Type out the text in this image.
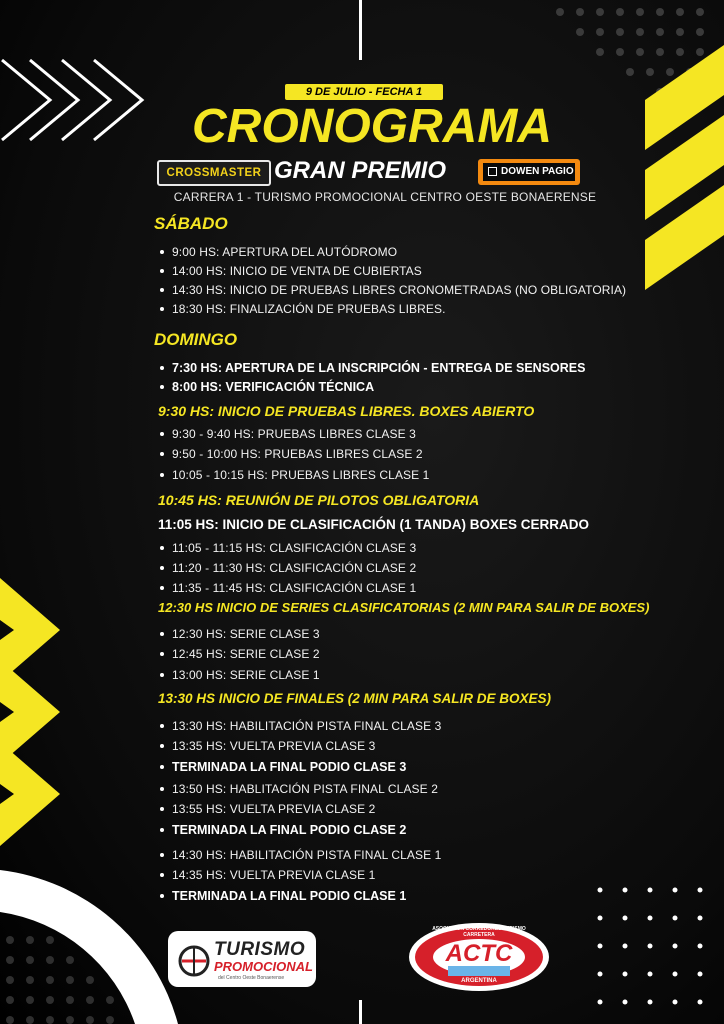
9 DE JULIO - FECHA 1
CRONOGRAMA
CROSSMASTER GRAN PREMIO	DOWEN PAGIO
CARRERA 1 - TURISMO PROMOCIONAL CENTRO OESTE BONAERENSE
SÁBADO
9:00 HS: APERTURA DEL AUTÓDROMO
14:00 HS: INICIO DE VENTA DE CUBIERTAS
14:30 HS: INICIO DE PRUEBAS LIBRES CRONOMETRADAS (NO OBLIGATORIA)
18:30 HS: FINALIZACIÓN DE PRUEBAS LIBRES.
DOMINGO
7:30 HS: APERTURA DE LA INSCRIPCIÓN - ENTREGA DE SENSORES
8:00 HS: VERIFICACIÓN TÉCNICA
9:30 HS: INICIO DE PRUEBAS LIBRES. BOXES ABIERTO
9:30 - 9:40 HS: PRUEBAS LIBRES CLASE 3
9:50 - 10:00 HS: PRUEBAS LIBRES CLASE 2
10:05 - 10:15 HS: PRUEBAS LIBRES CLASE 1
10:45 HS: REUNIÓN DE PILOTOS OBLIGATORIA
11:05 HS: INICIO DE CLASIFICACIÓN (1 TANDA) BOXES CERRADO
11:05 - 11:15 HS: CLASIFICACIÓN CLASE 3
11:20 - 11:30 HS: CLASIFICACIÓN CLASE 2
11:35 - 11:45 HS: CLASIFICACIÓN CLASE 1
12:30 HS INICIO DE SERIES CLASIFICATORIAS (2 MIN PARA SALIR DE BOXES)
12:30 HS: SERIE CLASE 3
12:45 HS: SERIE CLASE 2
13:00 HS: SERIE CLASE 1
13:30 HS INICIO DE FINALES (2 MIN PARA SALIR DE BOXES)
13:30 HS: HABILITACIÓN PISTA FINAL CLASE 3
13:35 HS: VUELTA PREVIA CLASE 3
TERMINADA LA FINAL PODIO CLASE 3
13:50 HS: HABLITACIÓN PISTA FINAL CLASE 2
13:55 HS: VUELTA PREVIA CLASE 2
TERMINADA LA FINAL PODIO CLASE 2
14:30 HS: HABILITACIÓN PISTA FINAL CLASE 1
14:35 HS: VUELTA PREVIA CLASE 1
TERMINADA LA FINAL PODIO CLASE 1
TURISMO
PROMOCIONAL
del Centro Oeste Bonaerense
ASOCIACION CORREDORES TURISMO CARRETERA
ACTC
ARGENTINA
